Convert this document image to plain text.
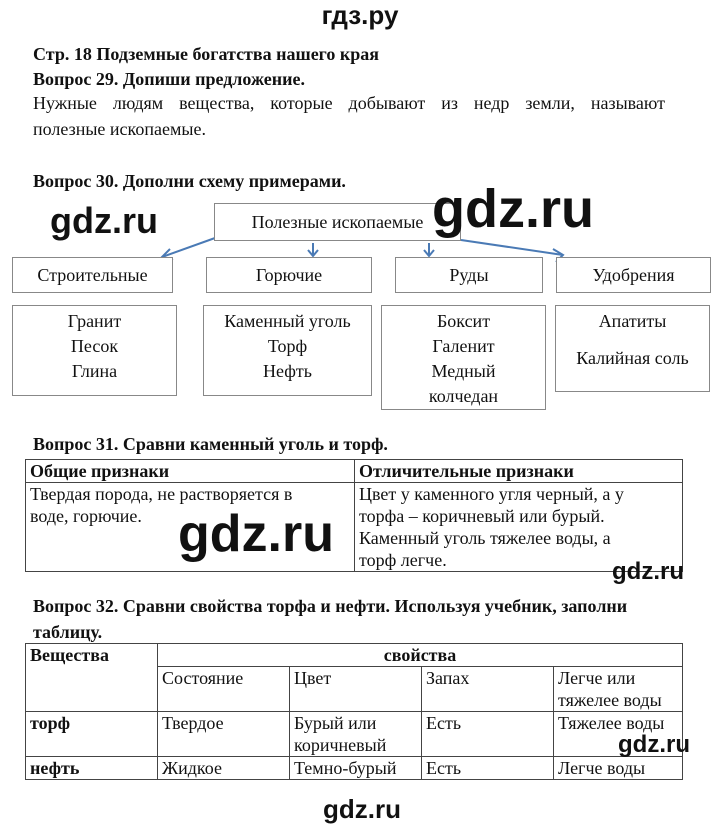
гдз.ру
Стр. 18 Подземные богатства нашего края
Вопрос 29. Допиши предложение.
Нужные людям вещества, которые добывают из недр земли, называют
полезные ископаемые.
Вопрос 30. Дополни схему примерами.
Полезные ископаемые
Строительные	Горючие	Руды	Удобрения
Гранит
Песок
Глина
Каменный уголь
Торф
Нефть
Боксит
Галенит
Медный
колчедан
Апатиты
Калийная соль
Вопрос 31. Сравни каменный уголь и торф.
Общие признаки	Отличительные признаки

Твердая порода, не растворяется в
воде, горючие.

Цвет у каменного угля черный, а у
торфа – коричневый или бурый.
Каменный уголь тяжелее воды, а
торф легче.
Вопрос 32. Сравни свойства торфа и нефти. Используя учебник, заполни
таблицу.
Вещества	свойства			
	Состояние	Цвет	Запах	Легче или тяжелее воды
торф	Твердое	Бурый или коричневый	Есть	Тяжелее воды
нефть	Жидкое	Темно-бурый	Есть	Легче воды
gdz.ru	gdz.ru
gdz.ru
gdz.ru
gdz.ru
gdz.ru
